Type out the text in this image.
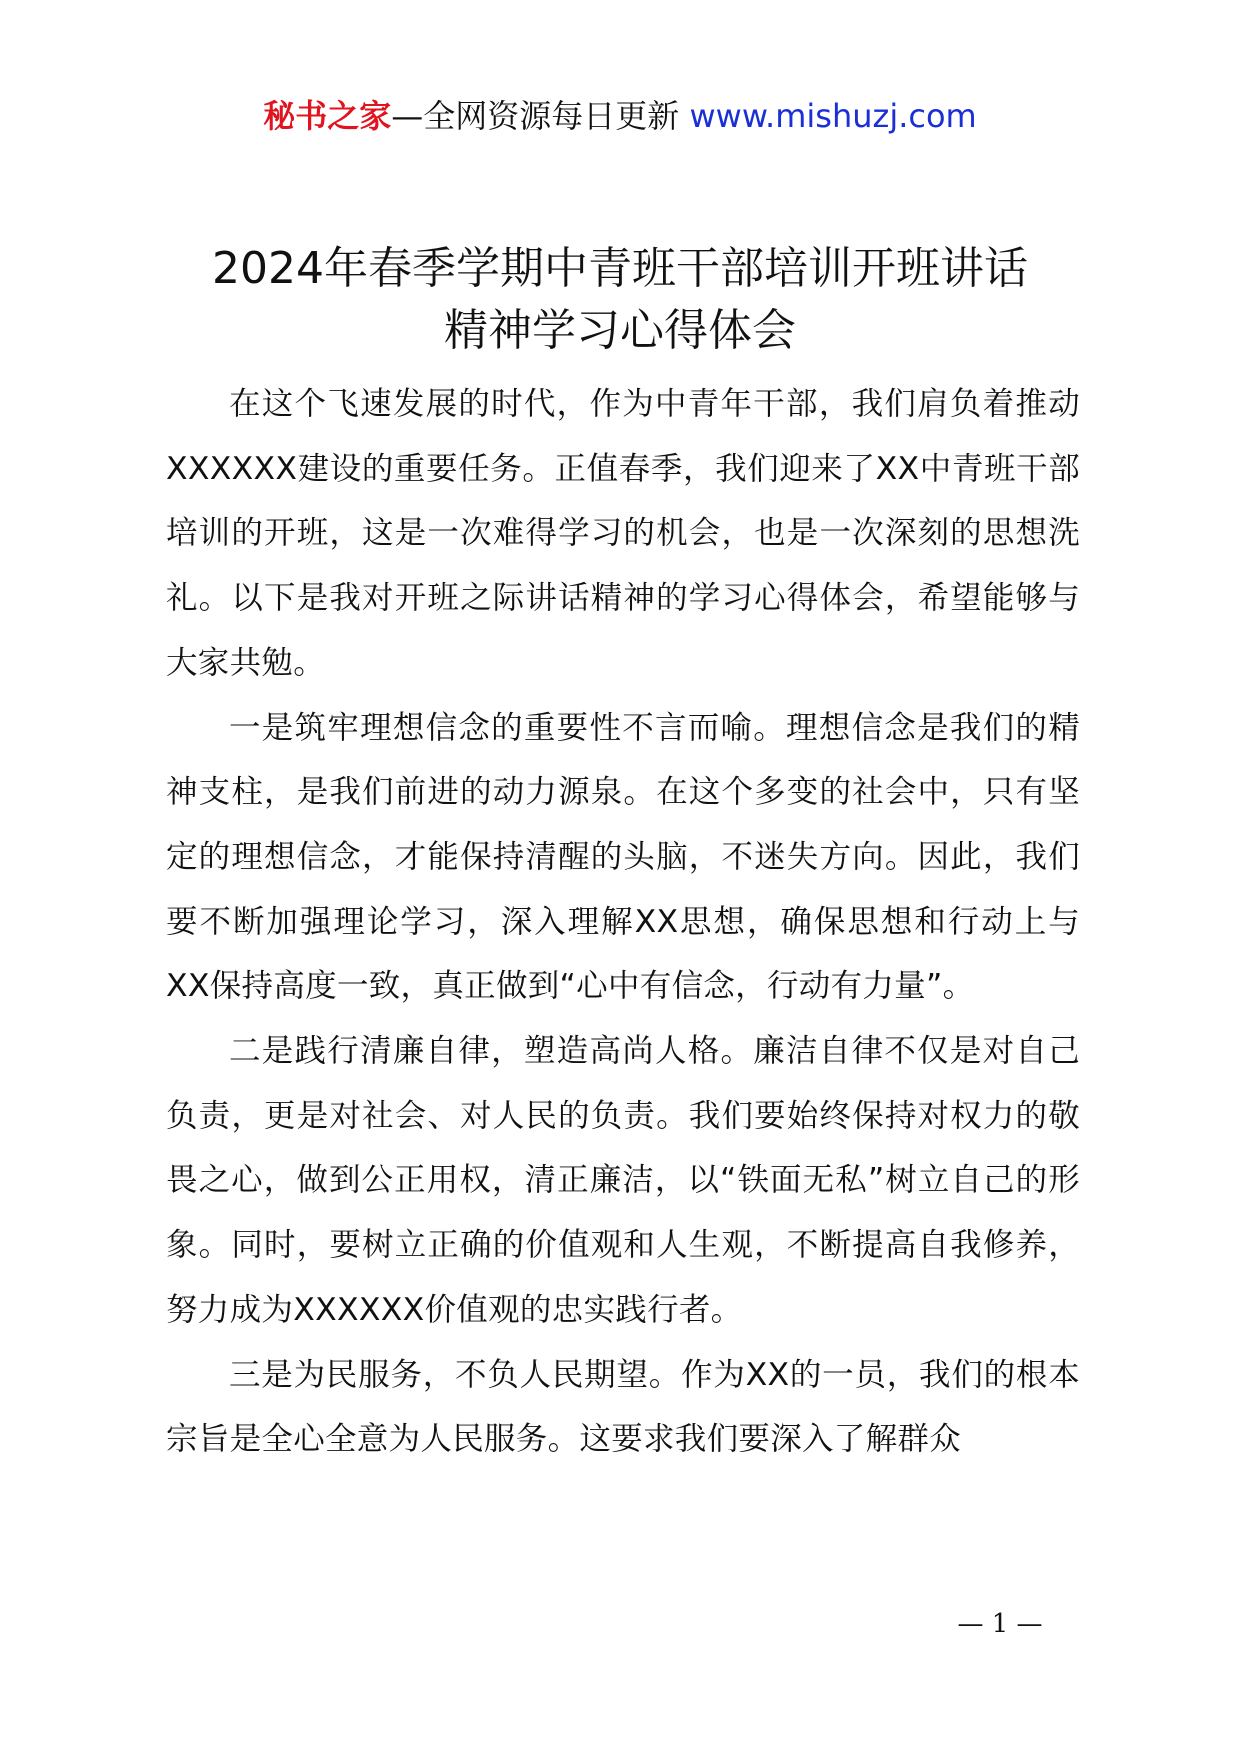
秘书之家—全网资源每日更新 www.mishuzj.com
2024年春季学期中青班干部培训开班讲话
精神学习心得体会

在这个飞速发展的时代，作为中青年干部，我们肩负着推动XXXXXX建设的重要任务。正值春季，我们迎来了XX中青班干部培训的开班，这是一次难得学习的机会，也是一次深刻的思想洗礼。以下是我对开班之际讲话精神的学习心得体会，希望能够与大家共勉。

一是筑牢理想信念的重要性不言而喻。理想信念是我们的精神支柱，是我们前进的动力源泉。在这个多变的社会中，只有坚定的理想信念，才能保持清醒的头脑，不迷失方向。因此，我们要不断加强理论学习，深入理解XX思想，确保思想和行动上与XX保持高度一致，真正做到“心中有信念，行动有力量”。

二是践行清廉自律，塑造高尚人格。廉洁自律不仅是对自己负责，更是对社会、对人民的负责。我们要始终保持对权力的敬畏之心，做到公正用权，清正廉洁，以“铁面无私”树立自己的形象。同时，要树立正确的价值观和人生观，不断提高自我修养，努力成为XXXXXX价值观的忠实践行者。

三是为民服务，不负人民期望。作为XX的一员，我们的根本宗旨是全心全意为人民服务。这要求我们要深入了解群众

— 1 —
